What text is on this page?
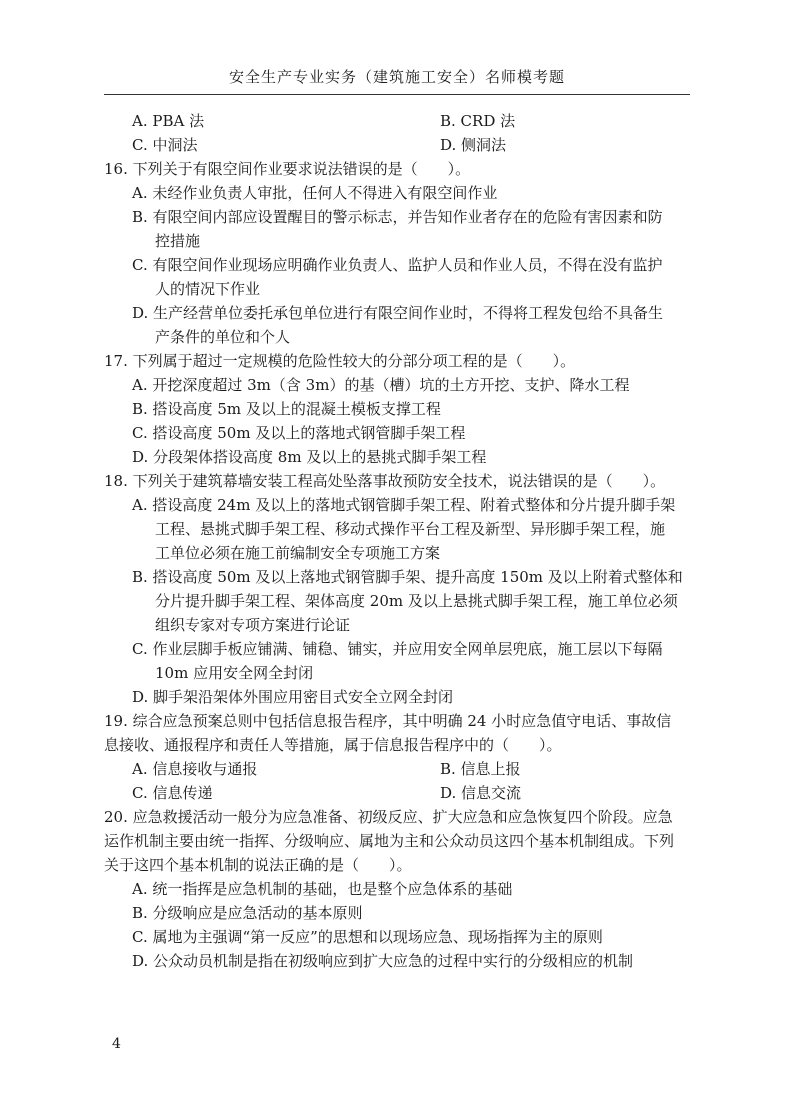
安全生产专业实务（建筑施工安全）名师模考题
A. PBA 法	B. CRD 法
C. 中洞法	D. 侧洞法
16. 下列关于有限空间作业要求说法错误的是（　　）。
A. 未经作业负责人审批，任何人不得进入有限空间作业
B. 有限空间内部应设置醒目的警示标志，并告知作业者存在的危险有害因素和防
控措施
C. 有限空间作业现场应明确作业负责人、监护人员和作业人员，不得在没有监护
人的情况下作业
D. 生产经营单位委托承包单位进行有限空间作业时，不得将工程发包给不具备生
产条件的单位和个人
17. 下列属于超过一定规模的危险性较大的分部分项工程的是（　　）。
A. 开挖深度超过 3m（含 3m）的基（槽）坑的土方开挖、支护、降水工程
B. 搭设高度 5m 及以上的混凝土模板支撑工程
C. 搭设高度 50m 及以上的落地式钢管脚手架工程
D. 分段架体搭设高度 8m 及以上的悬挑式脚手架工程
18. 下列关于建筑幕墙安装工程高处坠落事故预防安全技术，说法错误的是（　　）。
A. 搭设高度 24m 及以上的落地式钢管脚手架工程、附着式整体和分片提升脚手架
工程、悬挑式脚手架工程、移动式操作平台工程及新型、异形脚手架工程，施
工单位必须在施工前编制安全专项施工方案
B. 搭设高度 50m 及以上落地式钢管脚手架、提升高度 150m 及以上附着式整体和
分片提升脚手架工程、架体高度 20m 及以上悬挑式脚手架工程，施工单位必须
组织专家对专项方案进行论证
C. 作业层脚手板应铺满、铺稳、铺实，并应用安全网单层兜底，施工层以下每隔
10m 应用安全网全封闭
D. 脚手架沿架体外围应用密目式安全立网全封闭
19. 综合应急预案总则中包括信息报告程序，其中明确 24 小时应急值守电话、事故信
息接收、通报程序和责任人等措施，属于信息报告程序中的（　　）。
A. 信息接收与通报	B. 信息上报
C. 信息传递	D. 信息交流
20. 应急救援活动一般分为应急准备、初级反应、扩大应急和应急恢复四个阶段。应急
运作机制主要由统一指挥、分级响应、属地为主和公众动员这四个基本机制组成。下列
关于这四个基本机制的说法正确的是（　　）。
A. 统一指挥是应急机制的基础，也是整个应急体系的基础
B. 分级响应是应急活动的基本原则
C. 属地为主强调“第一反应”的思想和以现场应急、现场指挥为主的原则
D. 公众动员机制是指在初级响应到扩大应急的过程中实行的分级相应的机制
4
